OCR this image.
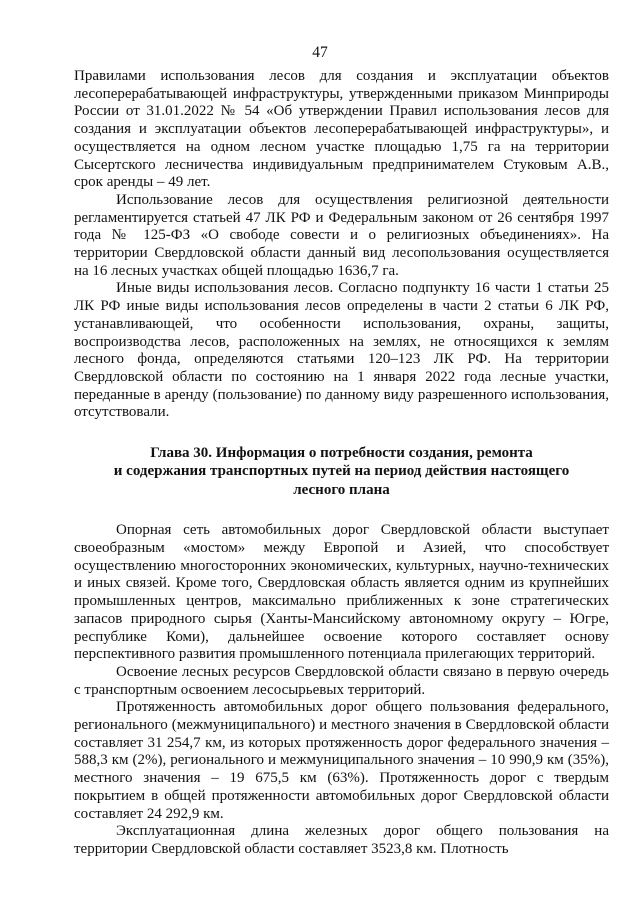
47

Правилами использования лесов для создания и эксплуатации объектов лесоперерабатывающей инфраструктуры, утвержденными приказом Минприроды России от 31.01.2022 № 54 «Об утверждении Правил использования лесов для создания и эксплуатации объектов лесоперерабатывающей инфраструктуры», и осуществляется на одном лесном участке площадью 1,75 га на территории Сысертского лесничества индивидуальным предпринимателем Стуковым А.В., срок аренды – 49 лет.

Использование лесов для осуществления религиозной деятельности регламентируется статьей 47 ЛК РФ и Федеральным законом от 26 сентября 1997 года № 125-ФЗ «О свободе совести и о религиозных объединениях». На территории Свердловской области данный вид лесопользования осуществляется на 16 лесных участках общей площадью 1636,7 га.

Иные виды использования лесов. Согласно подпункту 16 части 1 статьи 25 ЛК РФ иные виды использования лесов определены в части 2 статьи 6 ЛК РФ, устанавливающей, что особенности использования, охраны, защиты, воспроизводства лесов, расположенных на землях, не относящихся к землям лесного фонда, определяются статьями 120–123 ЛК РФ. На территории Свердловской области по состоянию на 1 января 2022 года лесные участки, переданные в аренду (пользование) по данному виду разрешенного использования, отсутствовали.

Глава 30. Информация о потребности создания, ремонта
и содержания транспортных путей на период действия настоящего
лесного плана

Опорная сеть автомобильных дорог Свердловской области выступает своеобразным «мостом» между Европой и Азией, что способствует осуществлению многосторонних экономических, культурных, научно-технических и иных связей. Кроме того, Свердловская область является одним из крупнейших промышленных центров, максимально приближенных к зоне стратегических запасов природного сырья (Ханты-Мансийскому автономному округу – Югре, республике Коми), дальнейшее освоение которого составляет основу перспективного развития промышленного потенциала прилегающих территорий.

Освоение лесных ресурсов Свердловской области связано в первую очередь с транспортным освоением лесосырьевых территорий.

Протяженность автомобильных дорог общего пользования федерального, регионального (межмуниципального) и местного значения в Свердловской области составляет 31 254,7 км, из которых протяженность дорог федерального значения – 588,3 км (2%), регионального и межмуниципального значения – 10 990,9 км (35%), местного значения – 19 675,5 км (63%). Протяженность дорог с твердым покрытием в общей протяженности автомобильных дорог Свердловской области составляет 24 292,9 км.

Эксплуатационная длина железных дорог общего пользования на территории Свердловской области составляет 3523,8 км. Плотность
